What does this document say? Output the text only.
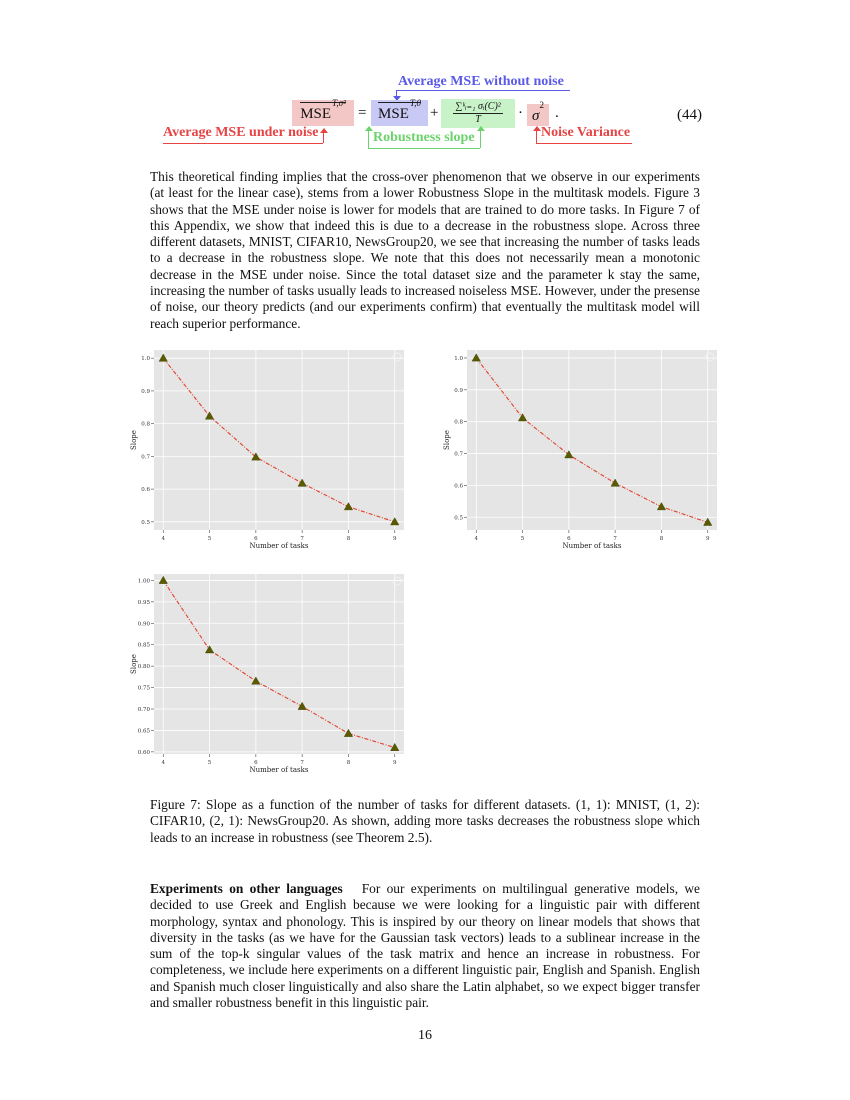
Average MSE without noise
$MSE^{T,\sigma^2}$
= $MSE^{T,0}$
+ $\frac{\text{∑ᵏᵢ₌₁ σᵢ(C)²}}{T} \cdot \sigma^2$
.	(44)
Average MSE under noise	Robustness slope	Noise Variance

This theoretical finding implies that the cross-over phenomenon that we observe in our experiments (at least for the linear case), stems from a lower Robustness Slope in the multitask models. Figure 3 shows that the MSE under noise is lower for models that are trained to do more tasks. In Figure 7 of this Appendix, we show that indeed this is due to a decrease in the robustness slope. Across three different datasets, MNIST, CIFAR10, NewsGroup20, we see that increasing the number of tasks leads to a decrease in the robustness slope. We note that this does not necessarily mean a monotonic decrease in the MSE under noise. Since the total dataset size and the parameter k stay the same, increasing the number of tasks usually leads to increased noiseless MSE. However, under the presense of noise, our theory predicts (and our experiments confirm) that eventually the multitask model will reach superior performance.

0.5
0.6
0.7
0.8
0.9
1.0
4	5	6	7	8	9
Number of tasks
Slope
0.5
0.6
0.7
0.8
0.9
1.0
4	5	6	7	8	9
Number of tasks
Slope
0.60
0.65
0.70
0.75
0.80
0.85
0.90
0.95
1.00
4	5	6	7	8	9
Number of tasks
Slope

Figure 7: Slope as a function of the number of tasks for different datasets. (1, 1): MNIST, (1, 2): CIFAR10, (2, 1): NewsGroup20. As shown, adding more tasks decreases the robustness slope which leads to an increase in robustness (see Theorem 2.5).

Experiments on other languages For our experiments on multilingual generative models, we decided to use Greek and English because we were looking for a linguistic pair with different morphology, syntax and phonology. This is inspired by our theory on linear models that shows that diversity in the tasks (as we have for the Gaussian task vectors) leads to a sublinear increase in the sum of the top-k singular values of the task matrix and hence an increase in robustness. For completeness, we include here experiments on a different linguistic pair, English and Spanish. English and Spanish much closer linguistically and also share the Latin alphabet, so we expect bigger transfer and smaller robustness benefit in this linguistic pair.

16
